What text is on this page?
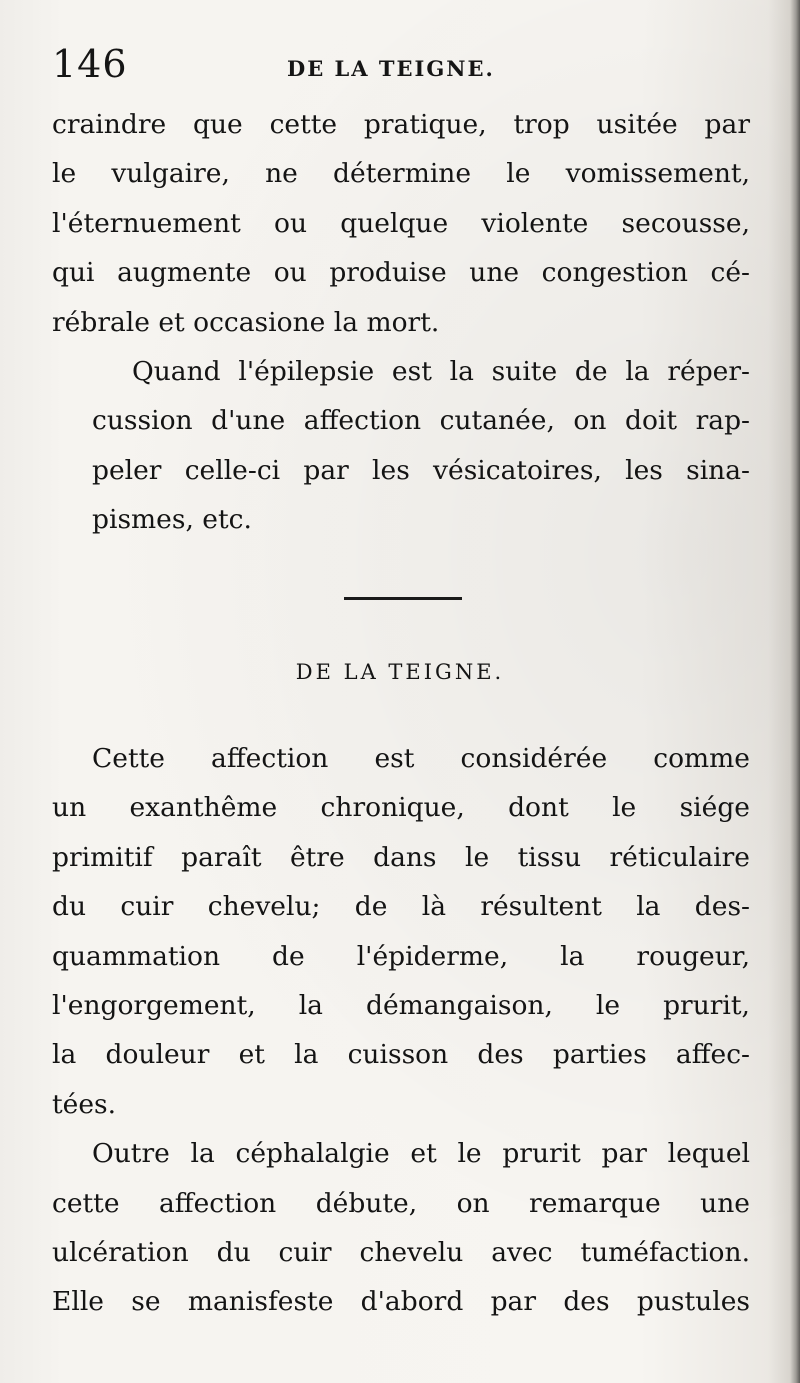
146	DE LA TEIGNE.

craindre que cette pratique, trop usitée par
le vulgaire, ne détermine le vomissement,
l'éternuement ou quelque violente secousse,
qui augmente ou produise une congestion cé-
rébrale et occasione la mort.

Quand l'épilepsie est la suite de la réper-
cussion d'une affection cutanée, on doit rap-
peler celle-ci par les vésicatoires, les sina-
pismes, etc.

DE LA TEIGNE.

Cette affection est considérée comme
un exanthême chronique, dont le siége
primitif paraît être dans le tissu réticulaire
du cuir chevelu; de là résultent la des-
quammation de l'épiderme, la rougeur,
l'engorgement, la démangaison, le prurit,
la douleur et la cuisson des parties affec-
tées.

Outre la céphalalgie et le prurit par lequel
cette affection débute, on remarque une
ulcération du cuir chevelu avec tuméfaction.
Elle se manisfeste d'abord par des pustules
